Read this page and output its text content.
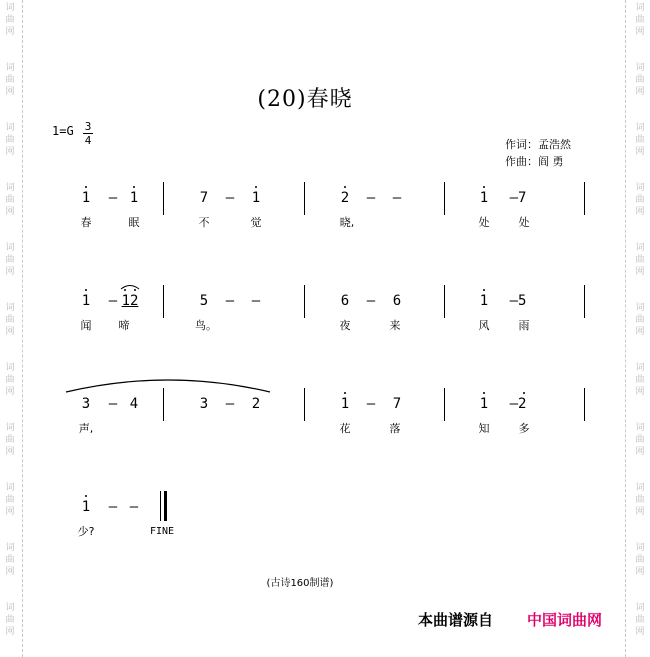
词曲网
词曲网
词曲网
词曲网
词曲网
词曲网
词曲网
词曲网
词曲网
词曲网
词曲网
词曲网
词曲网
词曲网
词曲网
词曲网
词曲网
词曲网
词曲网
词曲网
词曲网
词曲网
(20)春晓
$1=G \frac{3}{4}$	作词：孟浩然
作曲：阎 勇
1	– 1	7	–	1	2	–	–	1	–7
春	眠	不	觉	晓,	处	处
1	– 12	5	–	–	6	–	6	1	–5
闻	啼	鸟。	夜	来	风	雨
3	– 4	3	–	2	1	–	7	1	–2
声,	花	落	知	多
1	– –
少?	FINE
(古诗160制谱)
本曲谱源自 中国词曲网
